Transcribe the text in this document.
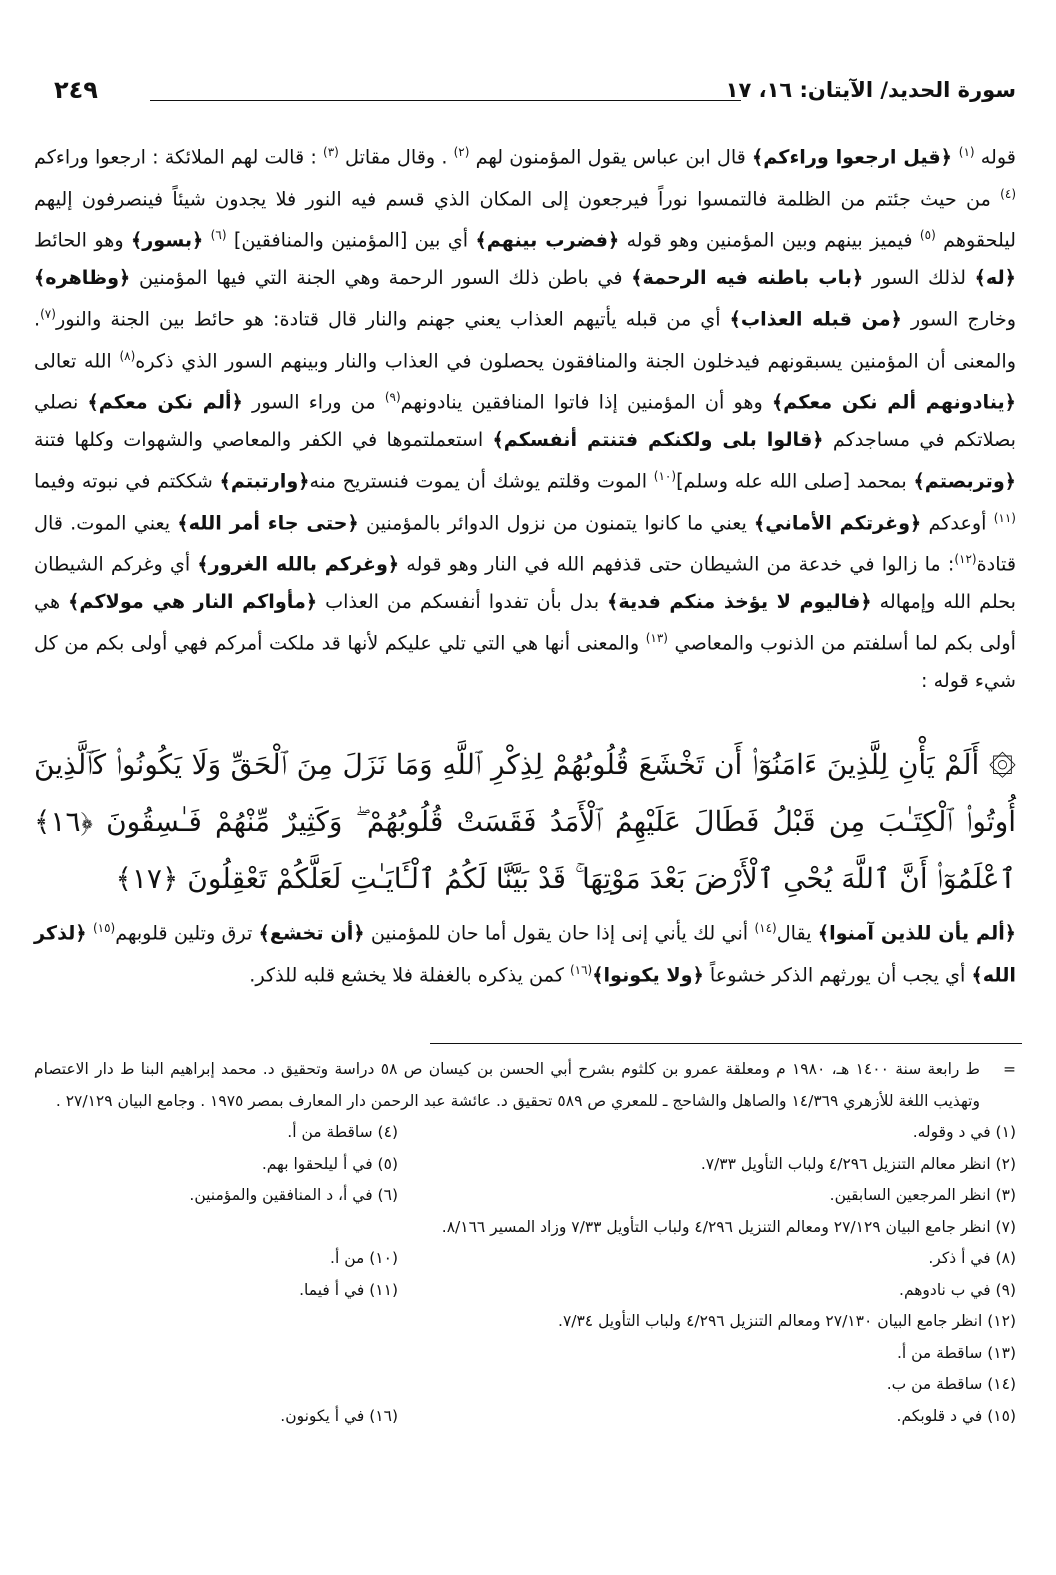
سورة الحديد/ الآيتان: ١٦، ١٧
٢٤٩

قوله $^{(١)}$ ﴿قيل ارجعوا وراءكم﴾ قال ابن عباس يقول المؤمنون لهم $^{(٢)}$ . وقال مقاتل $^{(٣)}$ : قالت لهم الملائكة : ارجعوا وراءكم $^{(٤)}$ من حيث جئتم من الظلمة فالتمسوا نوراً فيرجعون إلى المكان الذي قسم فيه النور فلا يجدون شيئاً فينصرفون إليهم ليلحقوهم $^{(٥)}$ فيميز بينهم وبين المؤمنين وهو قوله ﴿فضرب بينهم﴾ أي بين [المؤمنين والمنافقين] $^{(٦)}$ ﴿بسور﴾ وهو الحائط ﴿له﴾ لذلك السور ﴿باب باطنه فيه الرحمة﴾ في باطن ذلك السور الرحمة وهي الجنة التي فيها المؤمنين ﴿وظاهره﴾ وخارج السور ﴿من قبله العذاب﴾ أي من قبله يأتيهم العذاب يعني جهنم والنار قال قتادة: هو حائط بين الجنة والنور$^{(٧)}$. والمعنى أن المؤمنين يسبقونهم فيدخلون الجنة والمنافقون يحصلون في العذاب والنار وبينهم السور الذي ذكره$^{(٨)}$ الله تعالى ﴿ينادونهم ألم نكن معكم﴾ وهو أن المؤمنين إذا فاتوا المنافقين ينادونهم$^{(٩)}$ من وراء السور ﴿ألم نكن معكم﴾ نصلي بصلاتكم في مساجدكم ﴿قالوا بلى ولكنكم فتنتم أنفسكم﴾ استعملتموها في الكفر والمعاصي والشهوات وكلها فتنة ﴿وتربصتم﴾ بمحمد [صلى الله عله وسلم]$^{(١٠)}$ الموت وقلتم يوشك أن يموت فنستريح منه﴿وارتبتم﴾ شككتم في نبوته وفيما $^{(١١)}$ أوعدكم ﴿وغرتكم الأماني﴾ يعني ما كانوا يتمنون من نزول الدوائر بالمؤمنين ﴿حتى جاء أمر الله﴾ يعني الموت. قال قتادة$^{(١٢)}$: ما زالوا في خدعة من الشيطان حتى قذفهم الله في النار وهو قوله ﴿وغركم بالله الغرور﴾ أي وغركم الشيطان بحلم الله وإمهاله ﴿فاليوم لا يؤخذ منكم فدية﴾ بدل بأن تفدوا أنفسكم من العذاب ﴿مأواكم النار هي مولاكم﴾ هي أولى بكم لما أسلفتم من الذنوب والمعاصي $^{(١٣)}$ والمعنى أنها هي التي تلي عليكم لأنها قد ملكت أمركم فهي أولى بكم من كل شيء قوله :

۞ أَلَمْ يَأْنِ لِلَّذِينَ ءَامَنُوٓا۟ أَن تَخْشَعَ قُلُوبُهُمْ لِذِكْرِ ٱللَّهِ وَمَا نَزَلَ مِنَ ٱلْحَقِّ وَلَا يَكُونُوا۟ كَٱلَّذِينَ أُوتُوا۟ ٱلْكِتَـٰبَ مِن قَبْلُ فَطَالَ عَلَيْهِمُ ٱلْأَمَدُ فَقَسَتْ قُلُوبُهُمْ ۖ وَكَثِيرٌ مِّنْهُمْ فَـٰسِقُونَ ﴿١٦﴾ ٱعْلَمُوٓا۟ أَنَّ ٱللَّهَ يُحْىِ ٱلْأَرْضَ بَعْدَ مَوْتِهَا ۚ قَدْ بَيَّنَّا لَكُمُ ٱلْـَٔايَـٰتِ لَعَلَّكُمْ تَعْقِلُونَ ﴿١٧﴾

﴿ألم يأن للذين آمنوا﴾ يقال$^{(١٤)}$ أني لك يأني إنى إذا حان يقول أما حان للمؤمنين ﴿أن تخشع﴾ ترق وتلين قلوبهم$^{(١٥)}$ ﴿لذكر الله﴾ أي يجب أن يورثهم الذكر خشوعاً ﴿ولا يكونوا﴾$^{(١٦)}$ كمن يذكره بالغفلة فلا يخشع قلبه للذكر.

=

ط رابعة سنة ١٤٠٠ هـ، ١٩٨٠ م ومعلقة عمرو بن كلثوم بشرح أبي الحسن بن كيسان ص ٥٨ دراسة وتحقيق د. محمد إبراهيم البنا ط دار الاعتصام وتهذيب اللغة للأزهري ١٤/٣٦٩ والصاهل والشاحج ـ للمعري ص ٥٨٩ تحقيق د. عائشة عبد الرحمن دار المعارف بمصر ١٩٧٥ . وجامع البيان ٢٧/١٢٩ .

(١) في د وقوله.
(٤) ساقطة من أ.
(٢) انظر معالم التنزيل ٤/٢٩٦ ولباب التأويل ٧/٣٣.
(٥) في أ ليلحقوا بهم.
(٣) انظر المرجعين السابقين.
(٦) في أ، د المنافقين والمؤمنين.
(٧) انظر جامع البيان ٢٧/١٢٩ ومعالم التنزيل ٤/٢٩٦ ولباب التأويل ٧/٣٣ وزاد المسير ٨/١٦٦.
(٨) في أ ذكر.
(١٠) من أ.
(٩) في ب نادوهم.
(١١) في أ فيما.
(١٢) انظر جامع البيان ٢٧/١٣٠ ومعالم التنزيل ٤/٢٩٦ ولباب التأويل ٧/٣٤.
(١٣) ساقطة من أ.
(١٤) ساقطة من ب.
(١٥) في د قلوبكم.
(١٦) في أ يكونون.
